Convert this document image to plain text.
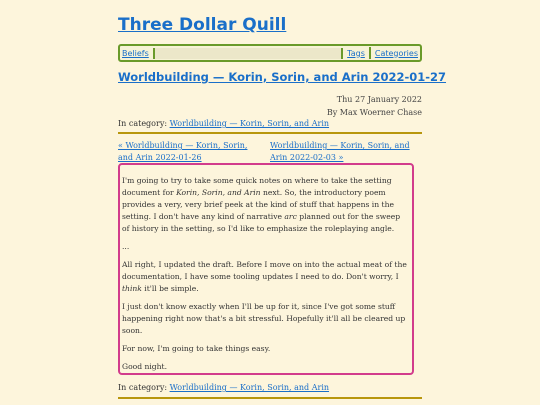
Three Dollar Quill
Beliefs	Tags Categories
Worldbuilding — Korin, Sorin, and Arin 2022-01-27
Thu 27 January 2022
By Max Woerner Chase
In category: Worldbuilding — Korin, Sorin, and Arin
« Worldbuilding — Korin, Sorin, and Arin 2022-01-26
Worldbuilding — Korin, Sorin, and Arin 2022-02-03 »

I'm going to try to take some quick notes on where to take the setting document for Korin, Sorin, and Arin next. So, the introductory poem provides a very, very brief peek at the kind of stuff that happens in the setting. I don't have any kind of narrative arc planned out for the sweep of history in the setting, so I'd like to emphasize the roleplaying angle.

...

All right, I updated the draft. Before I move on into the actual meat of the documentation, I have some tooling updates I need to do. Don't worry, I think it'll be simple.

I just don't know exactly when I'll be up for it, since I've got some stuff happening right now that's a bit stressful. Hopefully it'll all be cleared up soon.

For now, I'm going to take things easy.

Good night.

In category: Worldbuilding — Korin, Sorin, and Arin
